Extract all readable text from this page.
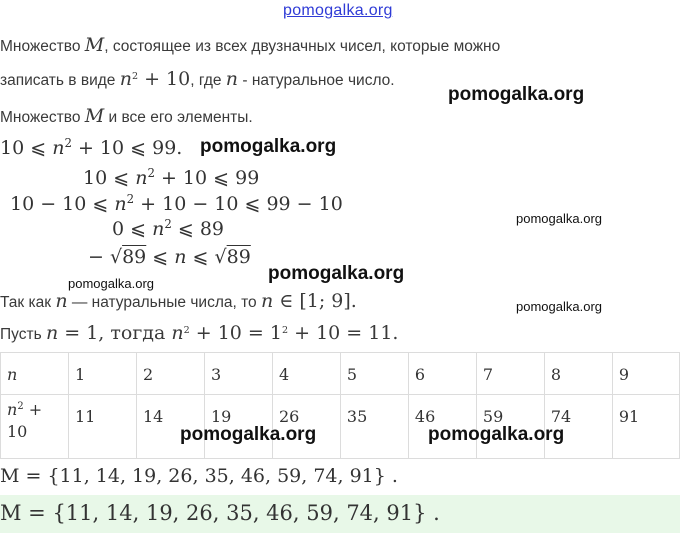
pomogalka.org
Множество M, состоящее из всех двузначных чисел, которые можно
записать в виде $n^2 + 10$, где n - натуральное число.
Множество M и все его элементы.
10 ⩽ $n^2 + 10$ ⩽ 99.
10 ⩽ $n^2 + 10$ ⩽ 99
10 − 10 ⩽ $n^2 + 10 - 10$ ⩽ 99 − 10
0 ⩽ $n^2$ ⩽ 89
− √89 ⩽ n ⩽ √89
Так как n — натуральные числа, то n ∈ [1; 9].
Пусть n = 1, тогда $n^2 + 10 = 1^2 + 10 = 11$.
n	1	2	3	4	5	6	7	8	9
$n^2$ +
10	11	14	19	26	35	46	59	74	91
M = {11, 14, 19, 26, 35, 46, 59, 74, 91} .
M = {11, 14, 19, 26, 35, 46, 59, 74, 91} .
pomogalka.org
pomogalka.org
pomogalka.org
pomogalka.org
pomogalka.org
pomogalka.org
pomogalka.org	pomogalka.org
